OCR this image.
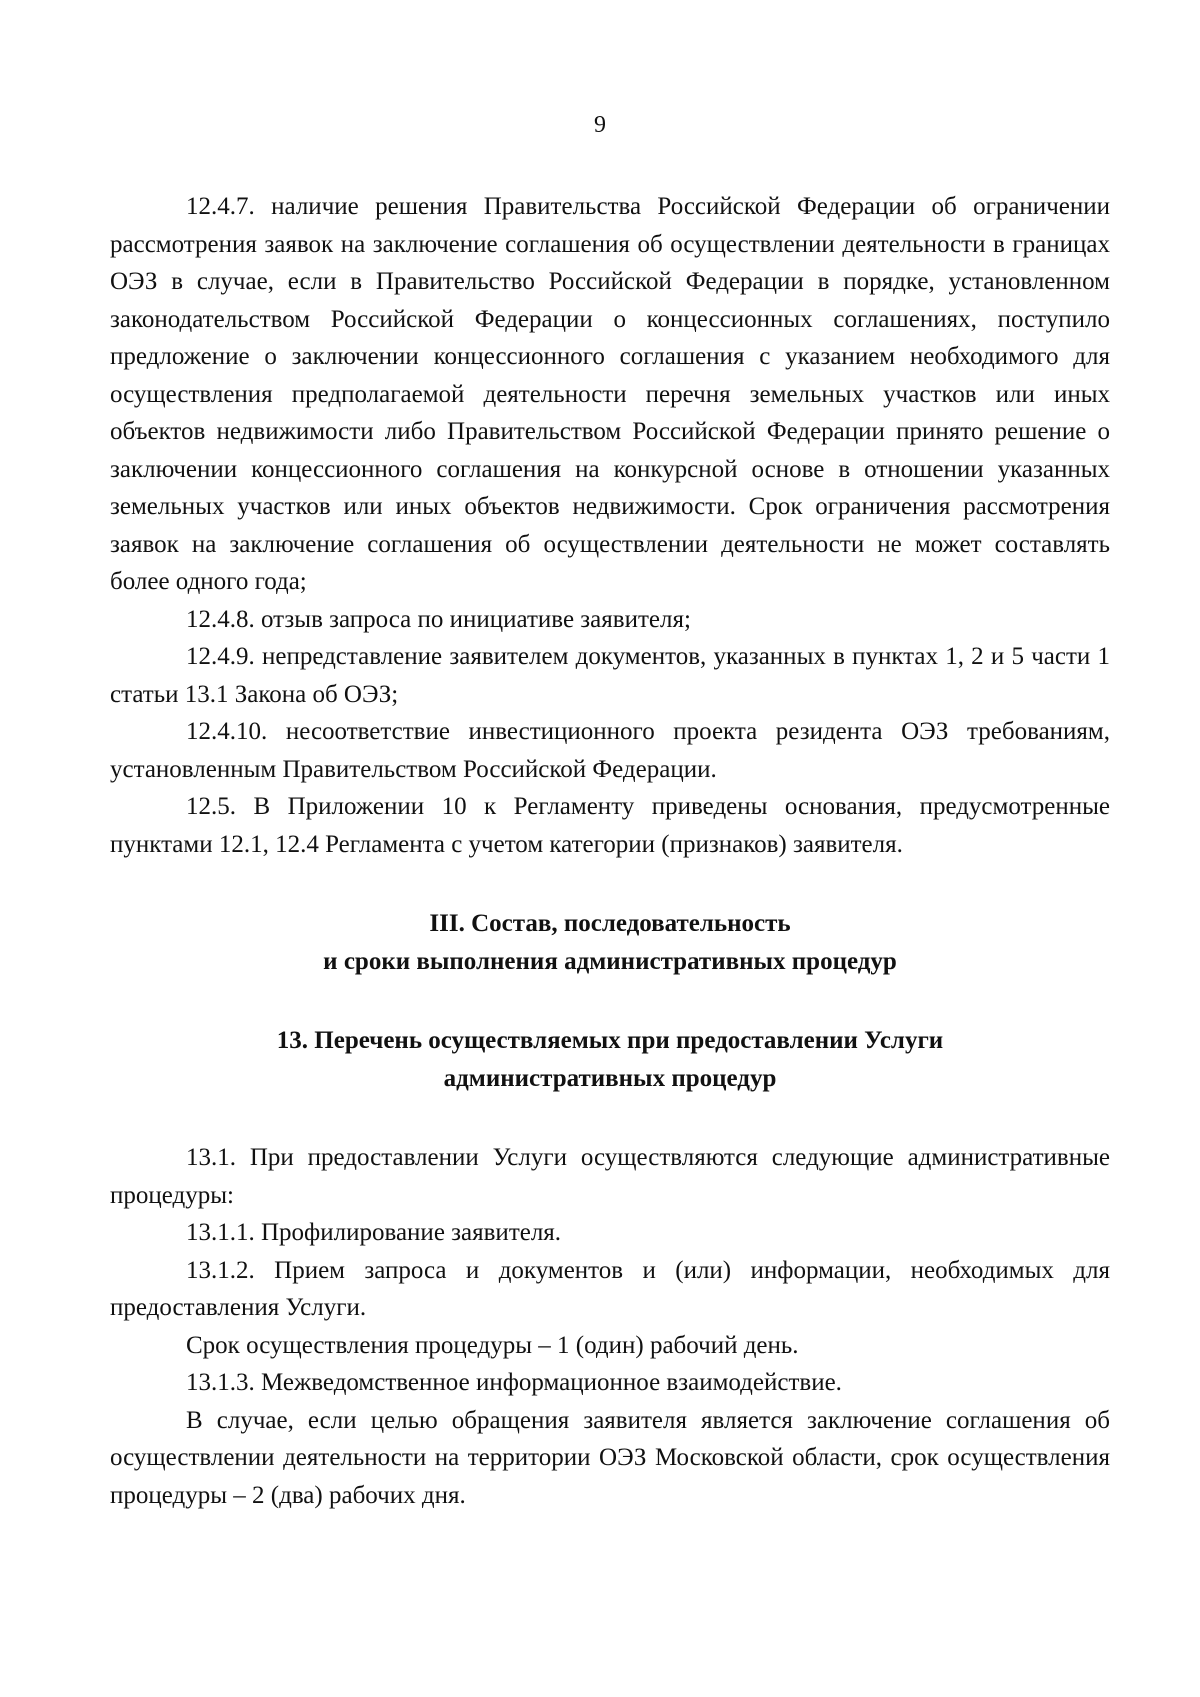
9

12.4.7. наличие решения Правительства Российской Федерации об ограничении рассмотрения заявок на заключение соглашения об осуществлении деятельности в границах ОЭЗ в случае, если в Правительство Российской Федерации в порядке, установленном законодательством Российской Федерации о концессионных соглашениях, поступило предложение о заключении концессионного соглашения с указанием необходимого для осуществления предполагаемой деятельности перечня земельных участков или иных объектов недвижимости либо Правительством Российской Федерации принято решение о заключении концессионного соглашения на конкурсной основе в отношении указанных земельных участков или иных объектов недвижимости. Срок ограничения рассмотрения заявок на заключение соглашения об осуществлении деятельности не может составлять более одного года;

12.4.8. отзыв запроса по инициативе заявителя;

12.4.9. непредставление заявителем документов, указанных в пунктах 1, 2 и 5 части 1 статьи 13.1 Закона об ОЭЗ;

12.4.10. несоответствие инвестиционного проекта резидента ОЭЗ требованиям, установленным Правительством Российской Федерации.

12.5. В Приложении 10 к Регламенту приведены основания, предусмотренные пунктами 12.1, 12.4 Регламента с учетом категории (признаков) заявителя.

III. Состав, последовательность
и сроки выполнения административных процедур
13. Перечень осуществляемых при предоставлении Услуги
административных процедур

13.1. При предоставлении Услуги осуществляются следующие административные процедуры:

13.1.1. Профилирование заявителя.

13.1.2. Прием запроса и документов и (или) информации, необходимых для предоставления Услуги.

Срок осуществления процедуры – 1 (один) рабочий день.

13.1.3. Межведомственное информационное взаимодействие.

В случае, если целью обращения заявителя является заключение соглашения об осуществлении деятельности на территории ОЭЗ Московской области, срок осуществления процедуры – 2 (два) рабочих дня.
